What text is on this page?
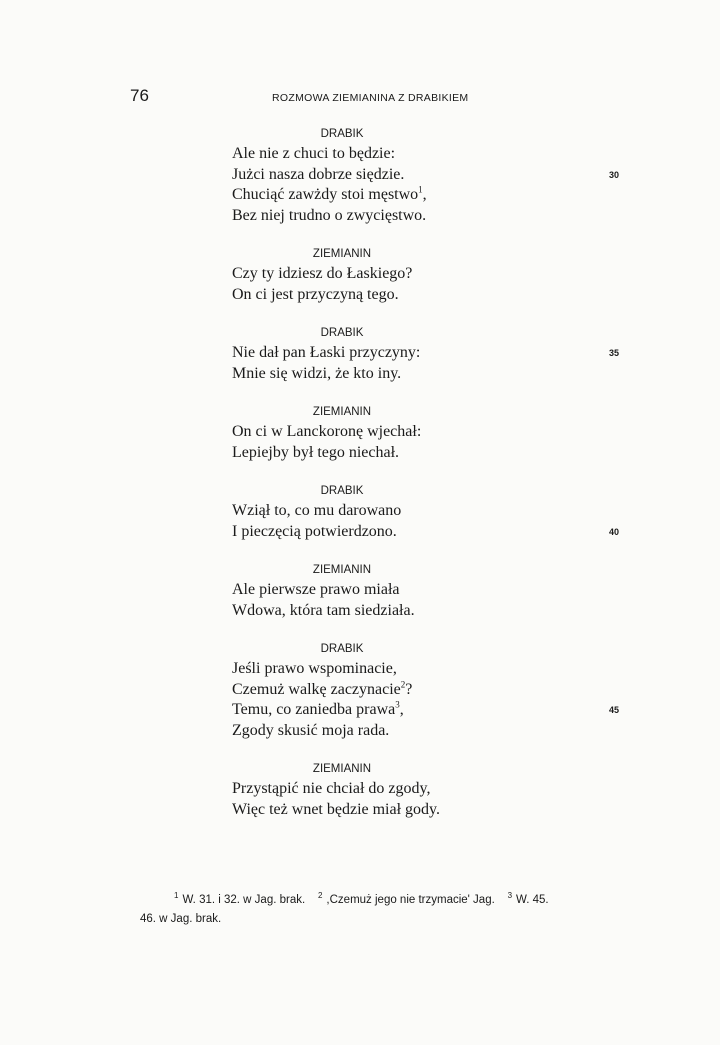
76	ROZMOWA ZIEMIANINA Z DRABIKIEM
DRABIK
Ale nie z chuci to będzie:
Jużci nasza dobrze siędzie.	30
Chuciąć zawżdy stoi męstwo$^1$,
Bez niej trudno o zwycięstwo.
ZIEMIANIN
Czy ty idziesz do Łaskiego?
On ci jest przyczyną tego.
DRABIK
Nie dał pan Łaski przyczyny:	35
Mnie się widzi, że kto iny.
ZIEMIANIN
On ci w Lanckoronę wjechał:
Lepiejby był tego niechał.
DRABIK
Wziął to, co mu darowano
I pieczęcią potwierdzono.	40
ZIEMIANIN
Ale pierwsze prawo miała
Wdowa, która tam siedziała.
DRABIK
Jeśli prawo wspominacie,
Czemuż walkę zaczynacie$^2$?
Temu, co zaniedba prawa$^3$,	45
Zgody skusić moja rada.
ZIEMIANIN
Przystąpić nie chciał do zgody,
Więc też wnet będzie miał gody.
$^1$ W. 31. i 32. w Jag. brak. $^2$ ,Czemuż jego nie trzymacie' Jag. $^3$ W. 45.
46. w Jag. brak.
